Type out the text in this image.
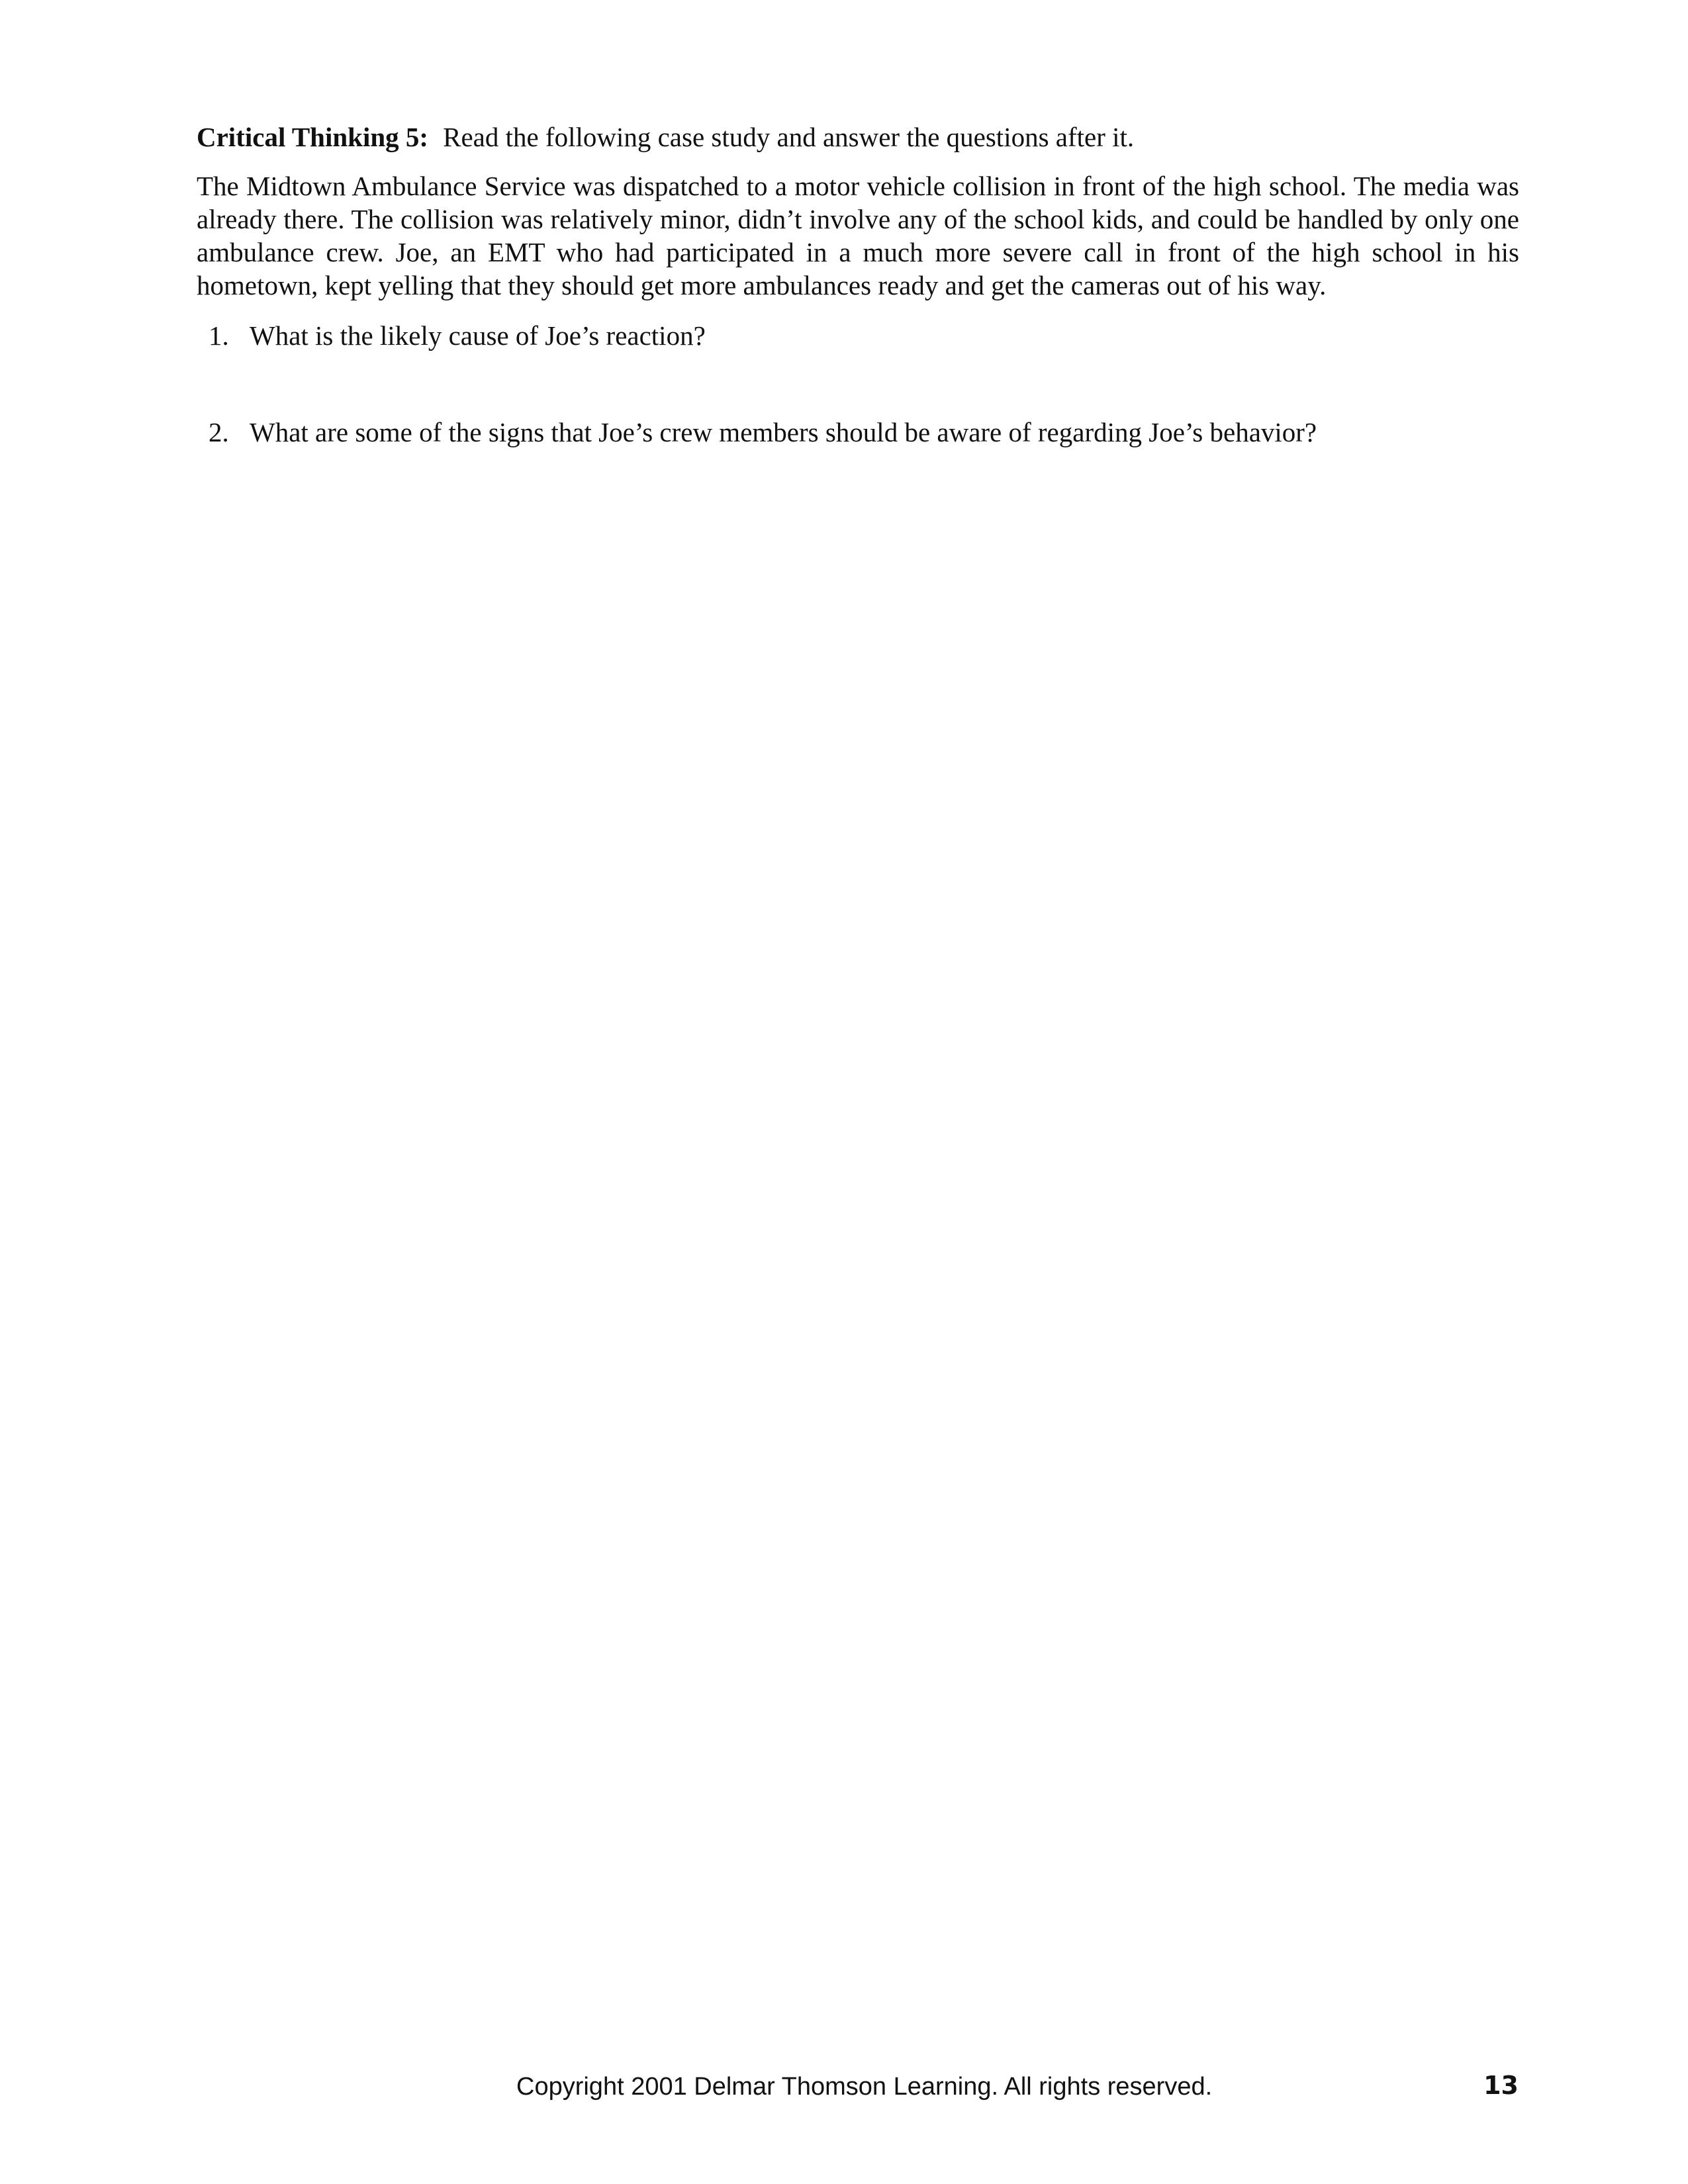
Critical Thinking 5: Read the following case study and answer the questions after it.

The Midtown Ambulance Service was dispatched to a motor vehicle collision in front of the high school. The media was already there. The collision was relatively minor, didn’t involve any of the school kids, and could be handled by only one ambulance crew. Joe, an EMT who had participated in a much more severe call in front of the high school in his hometown, kept yelling that they should get more ambulances ready and get the cameras out of his way.

1. What is the likely cause of Joe’s reaction?
2. What are some of the signs that Joe’s crew members should be aware of regarding Joe’s behavior?
Copyright 2001 Delmar Thomson Learning. All rights reserved.	13
